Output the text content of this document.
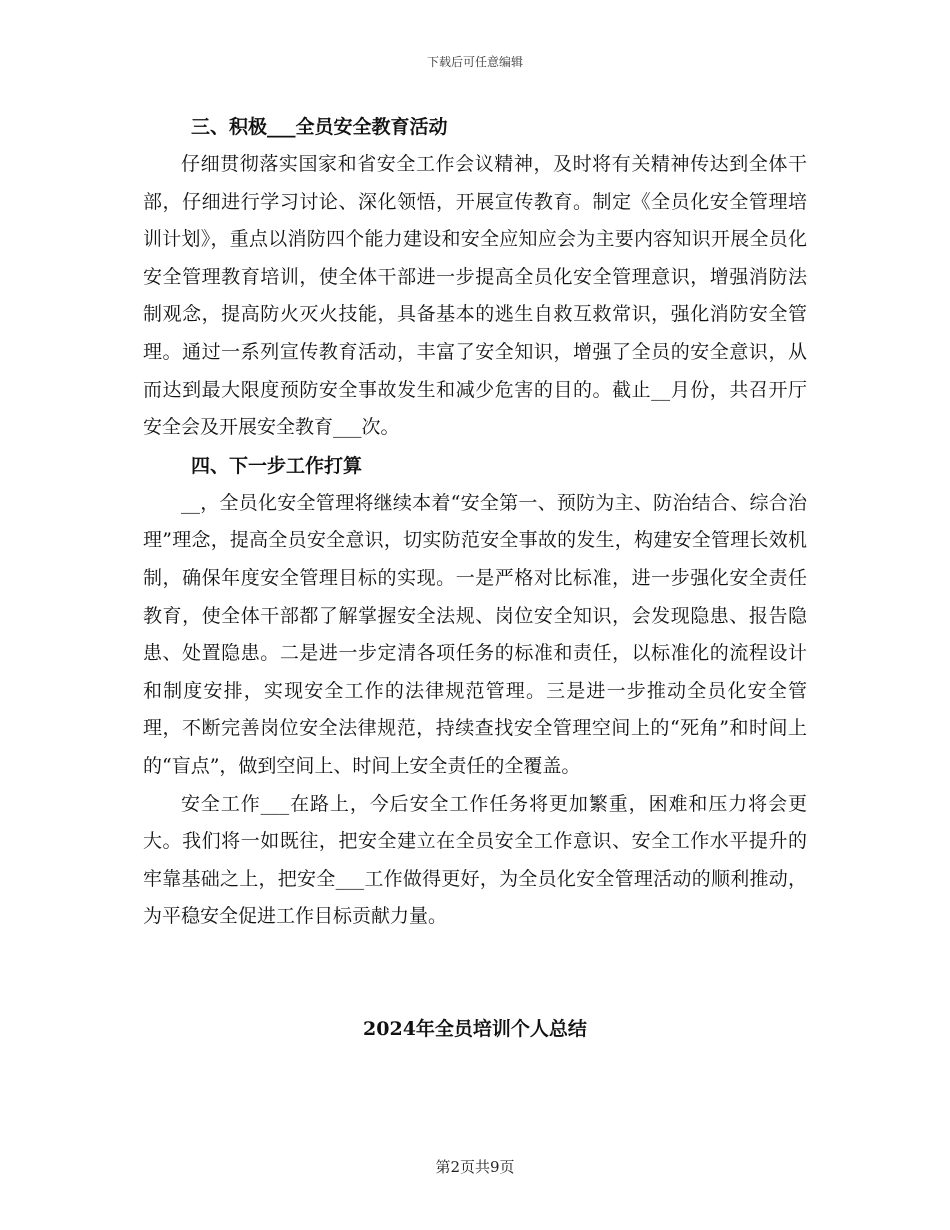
下载后可任意编辑
三、积极___全员安全教育活动

仔细贯彻落实国家和省安全工作会议精神，及时将有关精神传达到全体干部，仔细进行学习讨论、深化领悟，开展宣传教育。制定《全员化安全管理培训计划》，重点以消防四个能力建设和安全应知应会为主要内容知识开展全员化安全管理教育培训，使全体干部进一步提高全员化安全管理意识，增强消防法制观念，提高防火灭火技能，具备基本的逃生自救互救常识，强化消防安全管理。通过一系列宣传教育活动，丰富了安全知识，增强了全员的安全意识，从而达到最大限度预防安全事故发生和减少危害的目的。截止__月份，共召开厅安全会及开展安全教育___次。

四、下一步工作打算

__，全员化安全管理将继续本着“安全第一、预防为主、防治结合、综合治理”理念，提高全员安全意识，切实防范安全事故的发生，构建安全管理长效机制，确保年度安全管理目标的实现。一是严格对比标准，进一步强化安全责任教育，使全体干部都了解掌握安全法规、岗位安全知识，会发现隐患、报告隐患、处置隐患。二是进一步定清各项任务的标准和责任，以标准化的流程设计和制度安排，实现安全工作的法律规范管理。三是进一步推动全员化安全管理，不断完善岗位安全法律规范，持续查找安全管理空间上的“死角”和时间上的“盲点”，做到空间上、时间上安全责任的全覆盖。

安全工作___在路上，今后安全工作任务将更加繁重，困难和压力将会更大。我们将一如既往，把安全建立在全员安全工作意识、安全工作水平提升的牢靠基础之上，把安全___工作做得更好，为全员化安全管理活动的顺利推动，为平稳安全促进工作目标贡献力量。

2024年全员培训个人总结
第2页共9页
